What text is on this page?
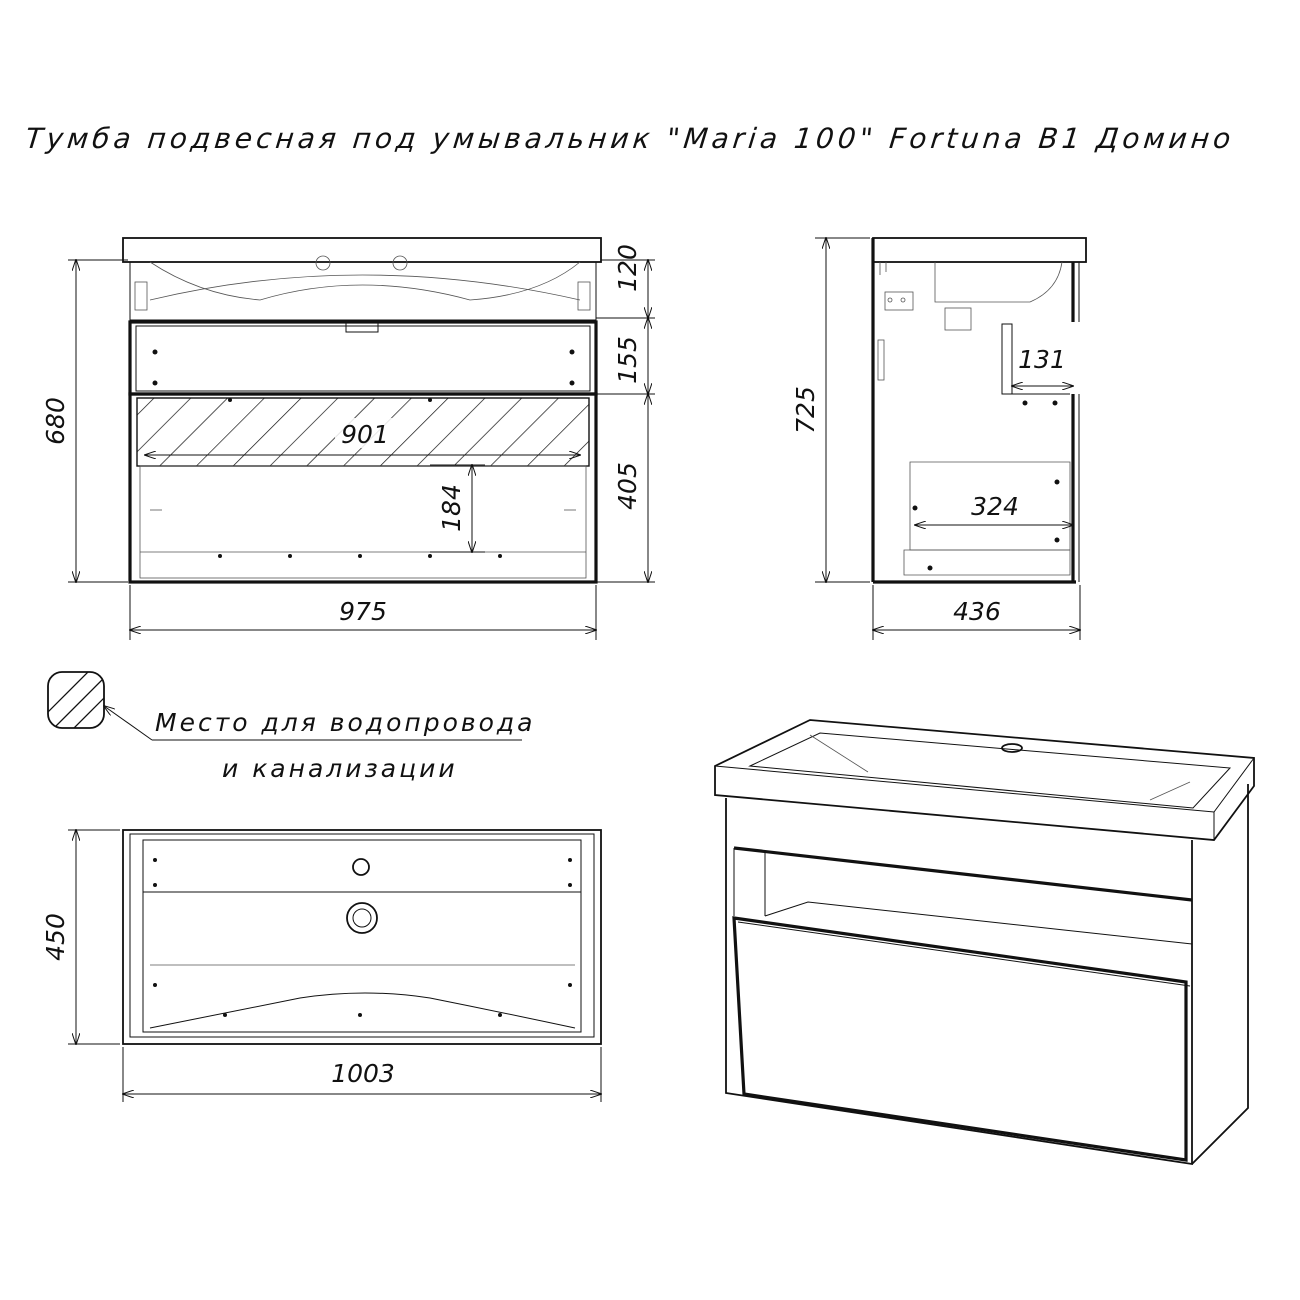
Тумба подвесная под умывальник "Maria 100" Fortuna B1 Домино
901
184
680
120
155
405
975
131
324
725
436
Место для водопровода
и канализации
450
1003
